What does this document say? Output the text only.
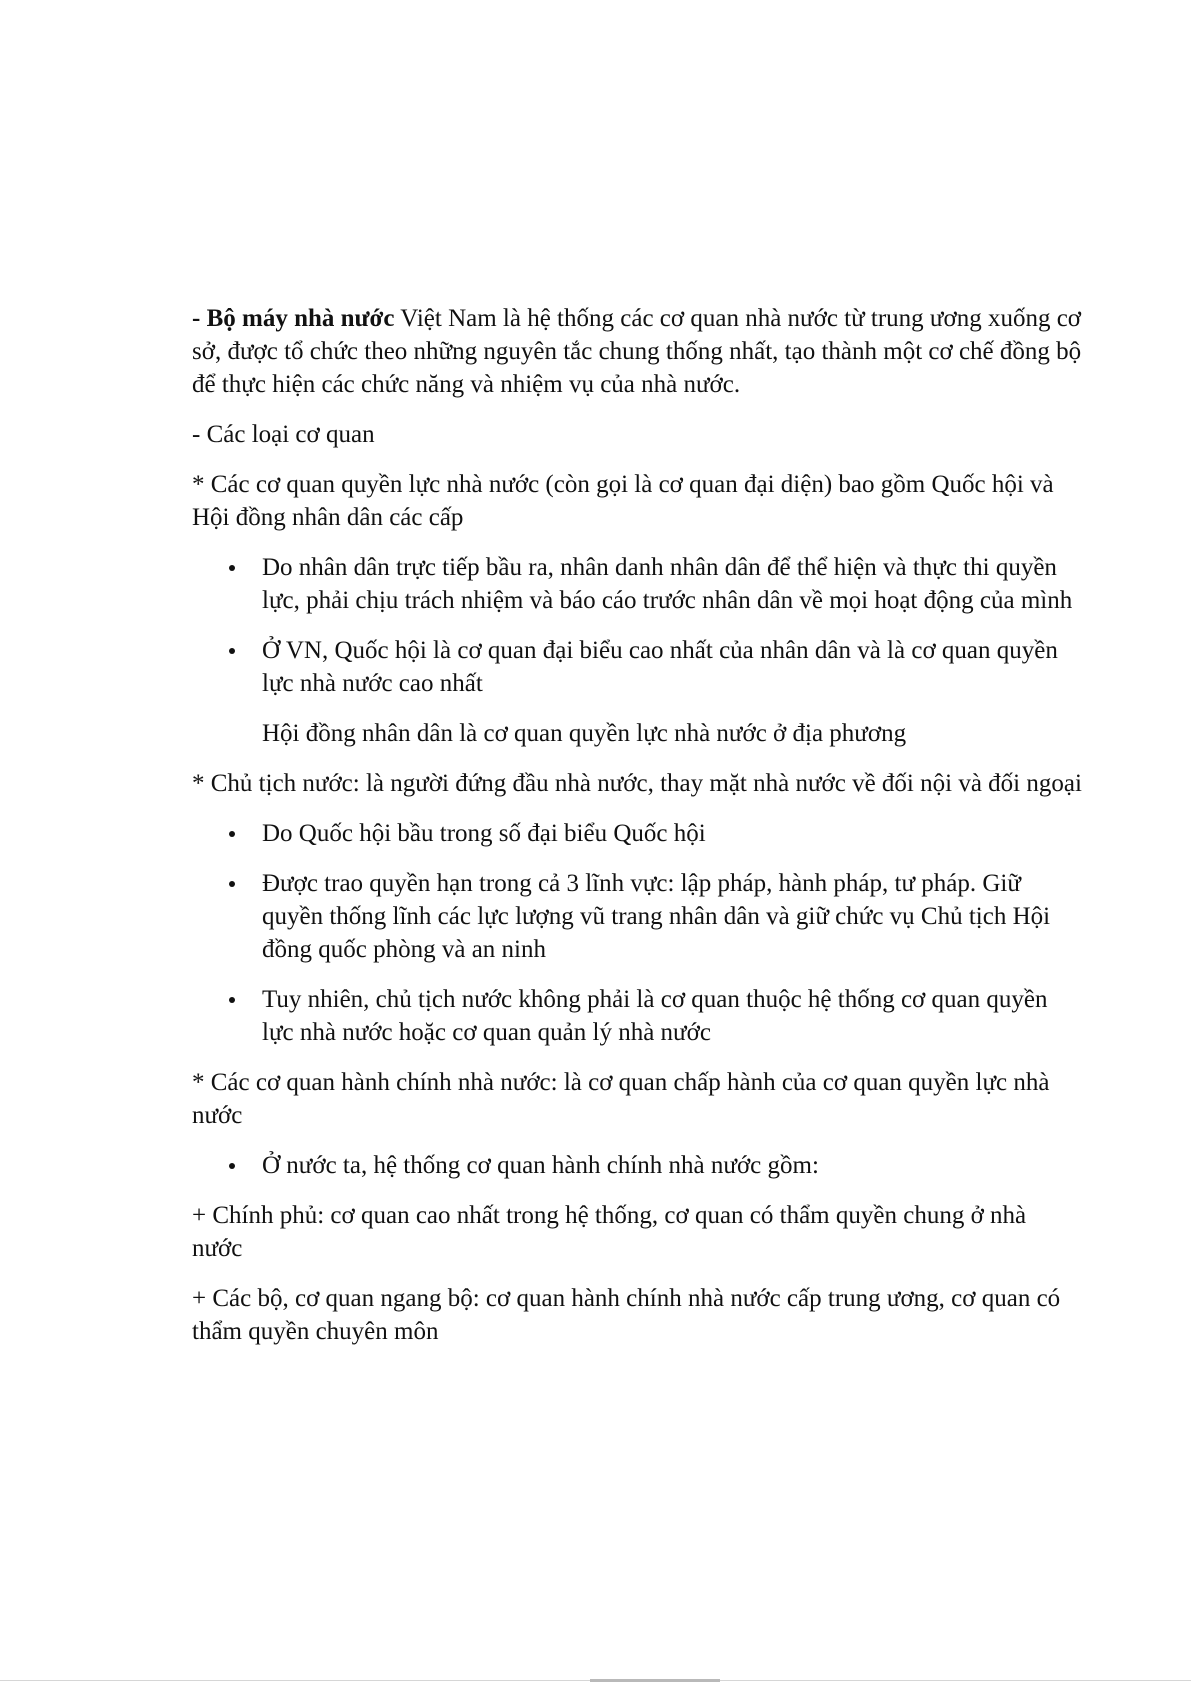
- Bộ máy nhà nước Việt Nam là hệ thống các cơ quan nhà nước từ trung ương xuống cơ sở, được tổ chức theo những nguyên tắc chung thống nhất, tạo thành một cơ chế đồng bộ để thực hiện các chức năng và nhiệm vụ của nhà nước.

- Các loại cơ quan

* Các cơ quan quyền lực nhà nước (còn gọi là cơ quan đại diện) bao gồm Quốc hội và Hội đồng nhân dân các cấp

Do nhân dân trực tiếp bầu ra, nhân danh nhân dân để thể hiện và thực thi quyền lực, phải chịu trách nhiệm và báo cáo trước nhân dân về mọi hoạt động của mình
Ở VN, Quốc hội là cơ quan đại biểu cao nhất của nhân dân và là cơ quan quyền lực nhà nước cao nhất

Hội đồng nhân dân là cơ quan quyền lực nhà nước ở địa phương

* Chủ tịch nước: là người đứng đầu nhà nước, thay mặt nhà nước về đối nội và đối ngoại

Do Quốc hội bầu trong số đại biểu Quốc hội
Được trao quyền hạn trong cả 3 lĩnh vực: lập pháp, hành pháp, tư pháp. Giữ quyền thống lĩnh các lực lượng vũ trang nhân dân và giữ chức vụ Chủ tịch Hội đồng quốc phòng và an ninh
Tuy nhiên, chủ tịch nước không phải là cơ quan thuộc hệ thống cơ quan quyền lực nhà nước hoặc cơ quan quản lý nhà nước

* Các cơ quan hành chính nhà nước: là cơ quan chấp hành của cơ quan quyền lực nhà nước

Ở nước ta, hệ thống cơ quan hành chính nhà nước gồm:

+ Chính phủ: cơ quan cao nhất trong hệ thống, cơ quan có thẩm quyền chung ở nhà nước

+ Các bộ, cơ quan ngang bộ: cơ quan hành chính nhà nước cấp trung ương, cơ quan có thẩm quyền chuyên môn
